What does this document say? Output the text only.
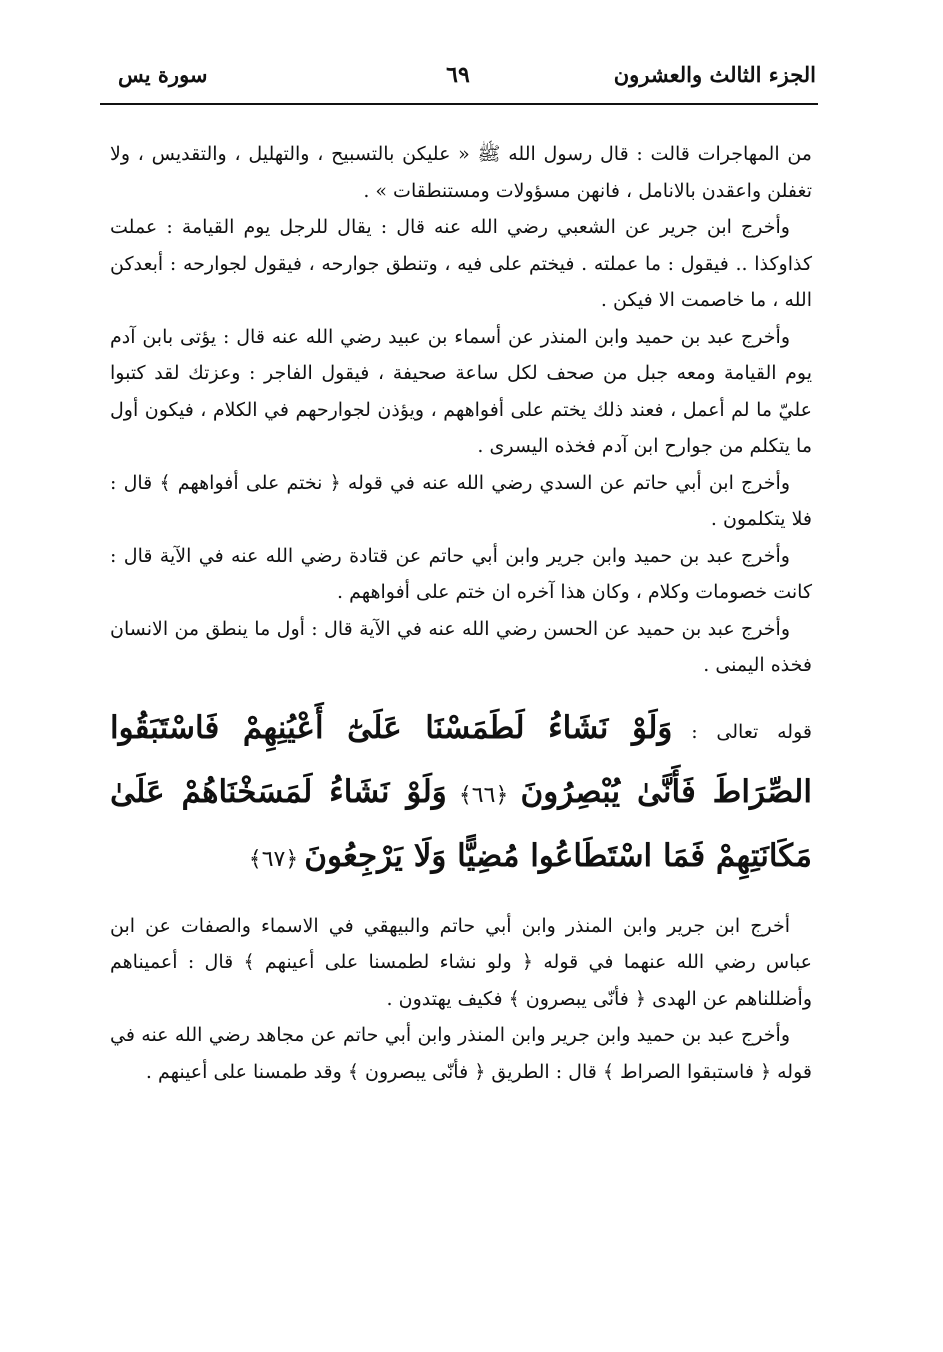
الجزء الثالث والعشرون
٦٩
سورة يس

من المهاجرات قالت : قال رسول الله ﷺ « عليكن بالتسبيح ، والتهليل ، والتقديس ، ولا تغفلن واعقدن بالانامل ، فانهن مسؤولات ومستنطقات » .

وأخرج ابن جرير عن الشعبي رضي الله عنه قال : يقال للرجل يوم القيامة : عملت كذاوكذا .. فيقول : ما عملته . فيختم على فيه ، وتنطق جوارحه ، فيقول لجوارحه : أبعدكن الله ، ما خاصمت الا فيكن .

وأخرج عبد بن حميد وابن المنذر عن أسماء بن عبيد رضي الله عنه قال : يؤتى بابن آدم يوم القيامة ومعه جبل من صحف لكل ساعة صحيفة ، فيقول الفاجر : وعزتك لقد كتبوا عليّ ما لم أعمل ، فعند ذلك يختم على أفواههم ، ويؤذن لجوارحهم في الكلام ، فيكون أول ما يتكلم من جوارح ابن آدم فخذه اليسرى .

وأخرج ابن أبي حاتم عن السدي رضي الله عنه في قوله ﴿ نختم على أفواههم ﴾ قال : فلا يتكلمون .

وأخرج عبد بن حميد وابن جرير وابن أبي حاتم عن قتادة رضي الله عنه في الآية قال : كانت خصومات وكلام ، وكان هذا آخره ان ختم على أفواههم .

وأخرج عبد بن حميد عن الحسن رضي الله عنه في الآية قال : أول ما ينطق من الانسان فخذه اليمنى .

قوله تعالى : وَلَوْ نَشَاءُ لَطَمَسْنَا عَلَىٰٓ أَعْيُنِهِمْ فَاسْتَبَقُوا الصِّرَاطَ فَأَنَّىٰ يُبْصِرُونَ ﴿٦٦﴾ وَلَوْ نَشَاءُ لَمَسَخْنَاهُمْ عَلَىٰ مَكَانَتِهِمْ فَمَا اسْتَطَاعُوا مُضِيًّا وَلَا يَرْجِعُونَ ﴿٦٧﴾

أخرج ابن جرير وابن المنذر وابن أبي حاتم والبيهقي في الاسماء والصفات عن ابن عباس رضي الله عنهما في قوله ﴿ ولو نشاء لطمسنا على أعينهم ﴾ قال : أعميناهم وأضللناهم عن الهدى ﴿ فأنّى يبصرون ﴾ فكيف يهتدون .

وأخرج عبد بن حميد وابن جرير وابن المنذر وابن أبي حاتم عن مجاهد رضي الله عنه في قوله ﴿ فاستبقوا الصراط ﴾ قال : الطريق ﴿ فأنّى يبصرون ﴾ وقد طمسنا على أعينهم .
